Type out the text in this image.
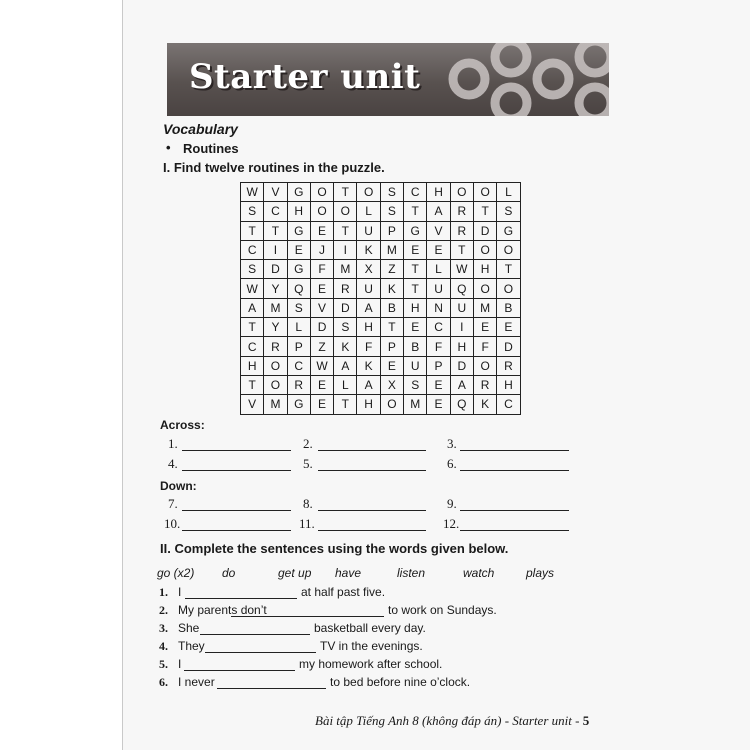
Starter unit
Vocabulary
• Routines
I. Find twelve routines in the puzzle.
W	V	G	O	T	O	S	C	H	O	O	L
S	C	H	O	O	L	S	T	A	R	T	S
T	T	G	E	T	U	P	G	V	R	D	G
C	I	E	J	I	K	M	E	E	T	O	O
S	D	G	F	M	X	Z	T	L	W	H	T
W	Y	Q	E	R	U	K	T	U	Q	O	O
A	M	S	V	D	A	B	H	N	U	M	B
T	Y	L	D	S	H	T	E	C	I	E	E
C	R	P	Z	K	F	P	B	F	H	F	D
H	O	C	W	A	K	E	U	P	D	O	R
T	O	R	E	L	A	X	S	E	A	R	H
V	M	G	E	T	H	O	M	E	Q	K	C
Across:
1.	2.	3.
4.	5.	6.
Down:
7.	8.	9.
10.	11.	12.
II. Complete the sentences using the words given below.
go (x2) do	get up have	listen	watch	plays
1. I	at half past five.
2. My parents don’t	to work on Sundays.
3. She	basketball every day.
4. They	TV in the evenings.
5. I	my homework after school.
6. I never	to bed before nine o’clock.
Bài tập Tiếng Anh 8 (không đáp án) - Starter unit - 5
